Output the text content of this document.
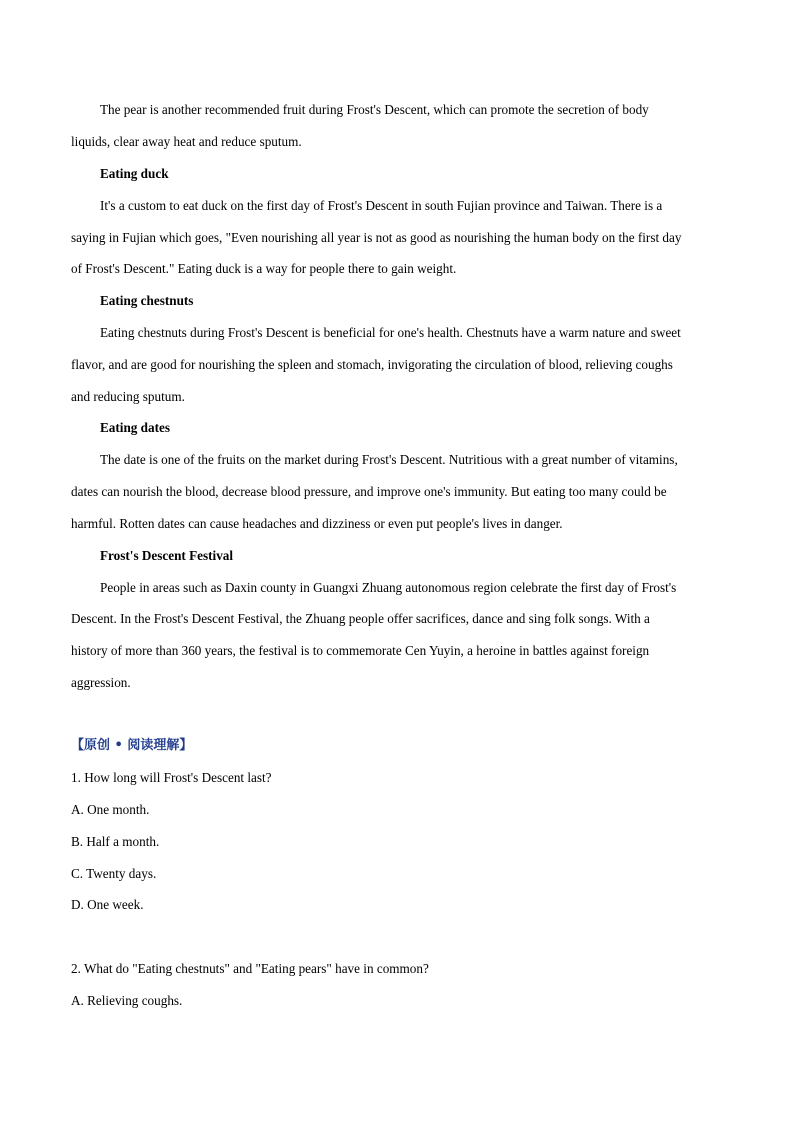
The pear is another recommended fruit during Frost's Descent, which can promote the secretion of body
liquids, clear away heat and reduce sputum.
Eating duck
It's a custom to eat duck on the first day of Frost's Descent in south Fujian province and Taiwan. There is a
saying in Fujian which goes, "Even nourishing all year is not as good as nourishing the human body on the first day
of Frost's Descent." Eating duck is a way for people there to gain weight.
Eating chestnuts
Eating chestnuts during Frost's Descent is beneficial for one's health. Chestnuts have a warm nature and sweet
flavor, and are good for nourishing the spleen and stomach, invigorating the circulation of blood, relieving coughs
and reducing sputum.
Eating dates
The date is one of the fruits on the market during Frost's Descent. Nutritious with a great number of vitamins,
dates can nourish the blood, decrease blood pressure, and improve one's immunity. But eating too many could be
harmful. Rotten dates can cause headaches and dizziness or even put people's lives in danger.
Frost's Descent Festival
People in areas such as Daxin county in Guangxi Zhuang autonomous region celebrate the first day of Frost's
Descent. In the Frost's Descent Festival, the Zhuang people offer sacrifices, dance and sing folk songs. With a
history of more than 360 years, the festival is to commemorate Cen Yuyin, a heroine in battles against foreign
aggression.
【原创 • 阅读理解】
1. How long will Frost's Descent last?
A. One month.
B. Half a month.
C. Twenty days.
D. One week.
2. What do "Eating chestnuts" and "Eating pears" have in common?
A. Relieving coughs.
